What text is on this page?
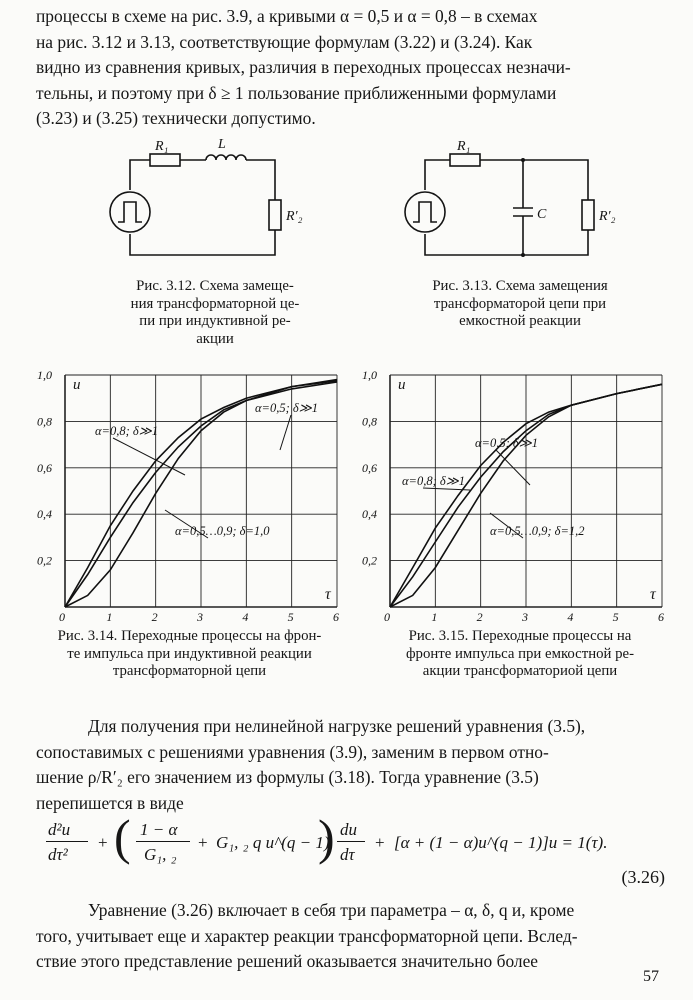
процессы в схеме на рис. 3.9, а кривыми α = 0,5 и α = 0,8 – в схемах
на рис. 3.12 и 3.13, соответствующие формулам (3.22) и (3.24). Как
видно из сравнения кривых, различия в переходных процессах незначи-
тельны, и поэтому при δ ≥ 1 пользование приближенными формулами
(3.23) и (3.25) технически допустимо.
R₁	L
R′₂
R₁
C	R′₂
Рис. 3.12. Схема замеще-
ния трансформаторной це-
пи при индуктивной ре-
акции
Рис. 3.13. Схема замещения
трансформаторой цепи при
емкостной реакции
0	1	2	3	4	5	6
0,2
0,4
0,6
0,8
1,0
τ
u
α=0,5; δ≫1
α=0,8; δ≫1
α=0,5…0,9; δ=1,0
0	1	2	3	4	5	6
0,2
0,4
0,6
0,8
1,0
τ
u
α=0,5; δ≫1
α=0,8; δ≫1
α=0,5…0,9; δ=1,2
Рис. 3.14. Переходные процессы на фрон-
те импульса при индуктивной реакции
трансформаторной цепи
Рис. 3.15. Переходные процессы на
фронте импульса при емкостной ре-
акции трансформаториой цепи
Для получения при нелинейной нагрузке решений уравнения (3.5),
сопоставимых с решениями уравнения (3.9), заменим в первом отно-
шение ρ/R′₂ его значением из формулы (3.18). Тогда уравнение (3.5)
перепишется в виде
d²u
dτ²
+ ( 1 − α
G₁, ₂
+ G₁, ₂ q u^(q − 1)
) du
dτ
+ [α + (1 − α)u^(q − 1)]u = 1(τ).
(3.26)
Уравнение (3.26) включает в себя три параметра – α, δ, q и, кроме
того, учитывает еще и характер реакции трансформаторной цепи. Вслед-
ствие этого представление решений оказывается значительно более
57
